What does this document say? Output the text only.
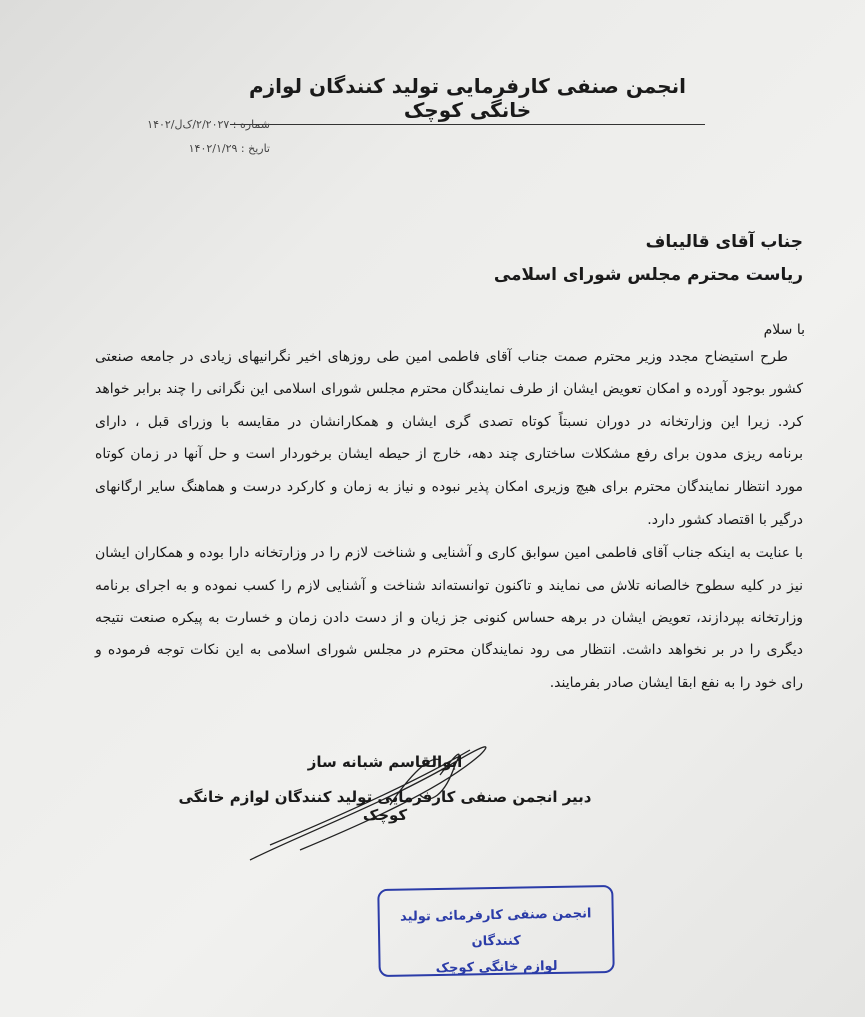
انجمن صنفی کارفرمایی تولید کنندگان لوازم خانگی کوچک
شماره : ۲/۲۰۲۷/ک‌ل/۱۴۰۲
تاریخ : ۱۴۰۲/۱/۲۹
جناب آقای قالیباف
ریاست محترم مجلس شورای اسلامی
با سلام
طرح استیضاح مجدد وزیر محترم صمت جناب آقای فاطمی امین طی روزهای اخیر نگرانیهای زیادی در جامعه صنعتی
کشور بوجود آورده و امکان تعویض ایشان از طرف نمایندگان محترم مجلس شورای اسلامی این نگرانی را چند برابر خواهد
کرد. زیرا این وزارتخانه در دوران نسبتاً کوتاه تصدی گری ایشان و همکارانشان در مقایسه با وزرای قبل ، دارای
برنامه ریزی مدون برای رفع مشکلات ساختاری چند دهه، خارج از حیطه ایشان برخوردار است و حل آنها در زمان کوتاه
مورد انتظار نمایندگان محترم برای هیچ وزیری امکان پذیر نبوده و نیاز به زمان و کارکرد درست و هماهنگ سایر ارگانهای
درگیر با اقتصاد کشور دارد.
با عنایت به اینکه جناب آقای فاطمی امین سوابق کاری و آشنایی و شناخت لازم را در وزارتخانه دارا بوده و همکاران ایشان
نیز در کلیه سطوح خالصانه تلاش می نمایند و تاکنون توانسته‌اند شناخت و آشنایی لازم را کسب نموده و به اجرای برنامه
وزارتخانه بپردازند، تعویض ایشان در برهه حساس کنونی جز زیان و از دست دادن زمان و خسارت به پیکره صنعت نتیجه
دیگری را در بر نخواهد داشت. انتظار می رود نمایندگان محترم در مجلس شورای اسلامی به این نکات توجه فرموده و
رای خود را به نفع ابقا ایشان صادر بفرمایند.
ابوالقاسم شبانه ساز
دبیر انجمن صنفی کارفرمایی تولید کنندگان لوازم خانگی کوچک
انجمن صنفی کارفرمائی تولید کنندگان
لوازم خانگی کوچک
